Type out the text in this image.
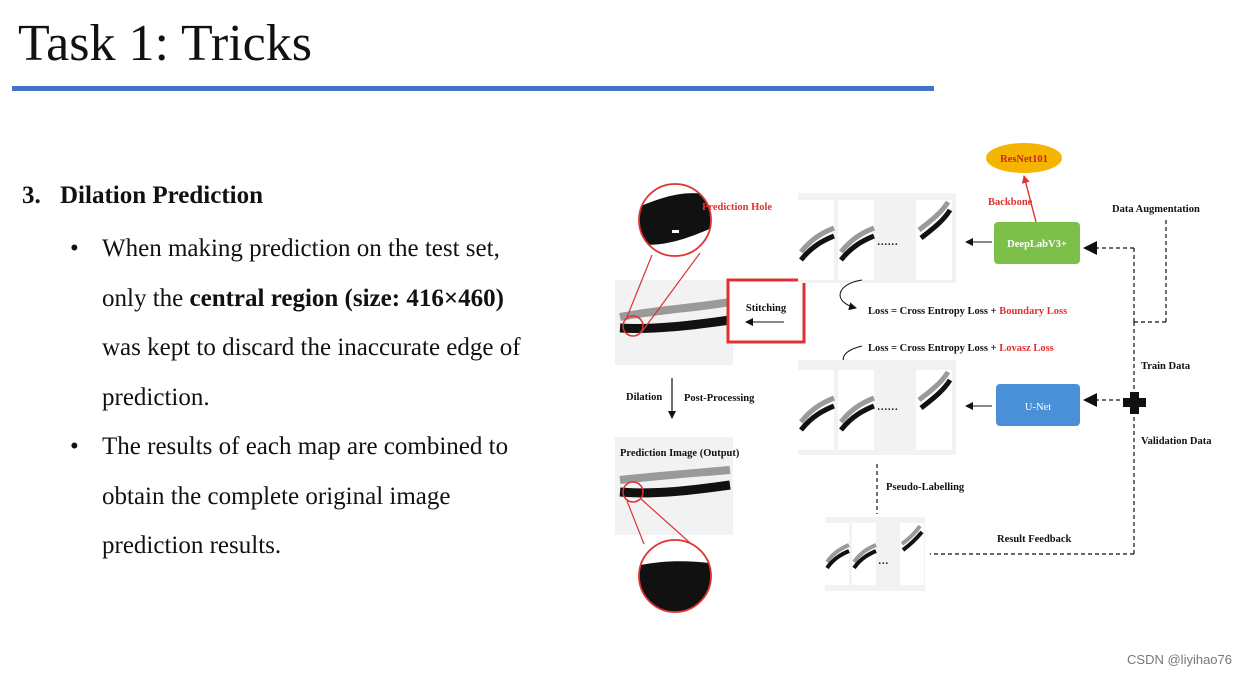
Task 1: Tricks
3. Dilation Prediction
• When making prediction on the test set,
only the central region (size: 416×460)
was kept to discard the inaccurate edge of
prediction.
• The results of each map are combined to
obtain the complete original image
prediction results.
Prediction Hole
Stitching
Dilation Post-Processing
Prediction Image (Output)
……
ResNet101
Backbone
DeepLabV3+
Data Augmentation
Train Data
Validation Data
Loss = Cross Entropy Loss + Boundary Loss
Loss = Cross Entropy Loss + Lovasz Loss
……	U-Net
Pseudo-Labelling
Result Feedback
…
CSDN @liyihao76
